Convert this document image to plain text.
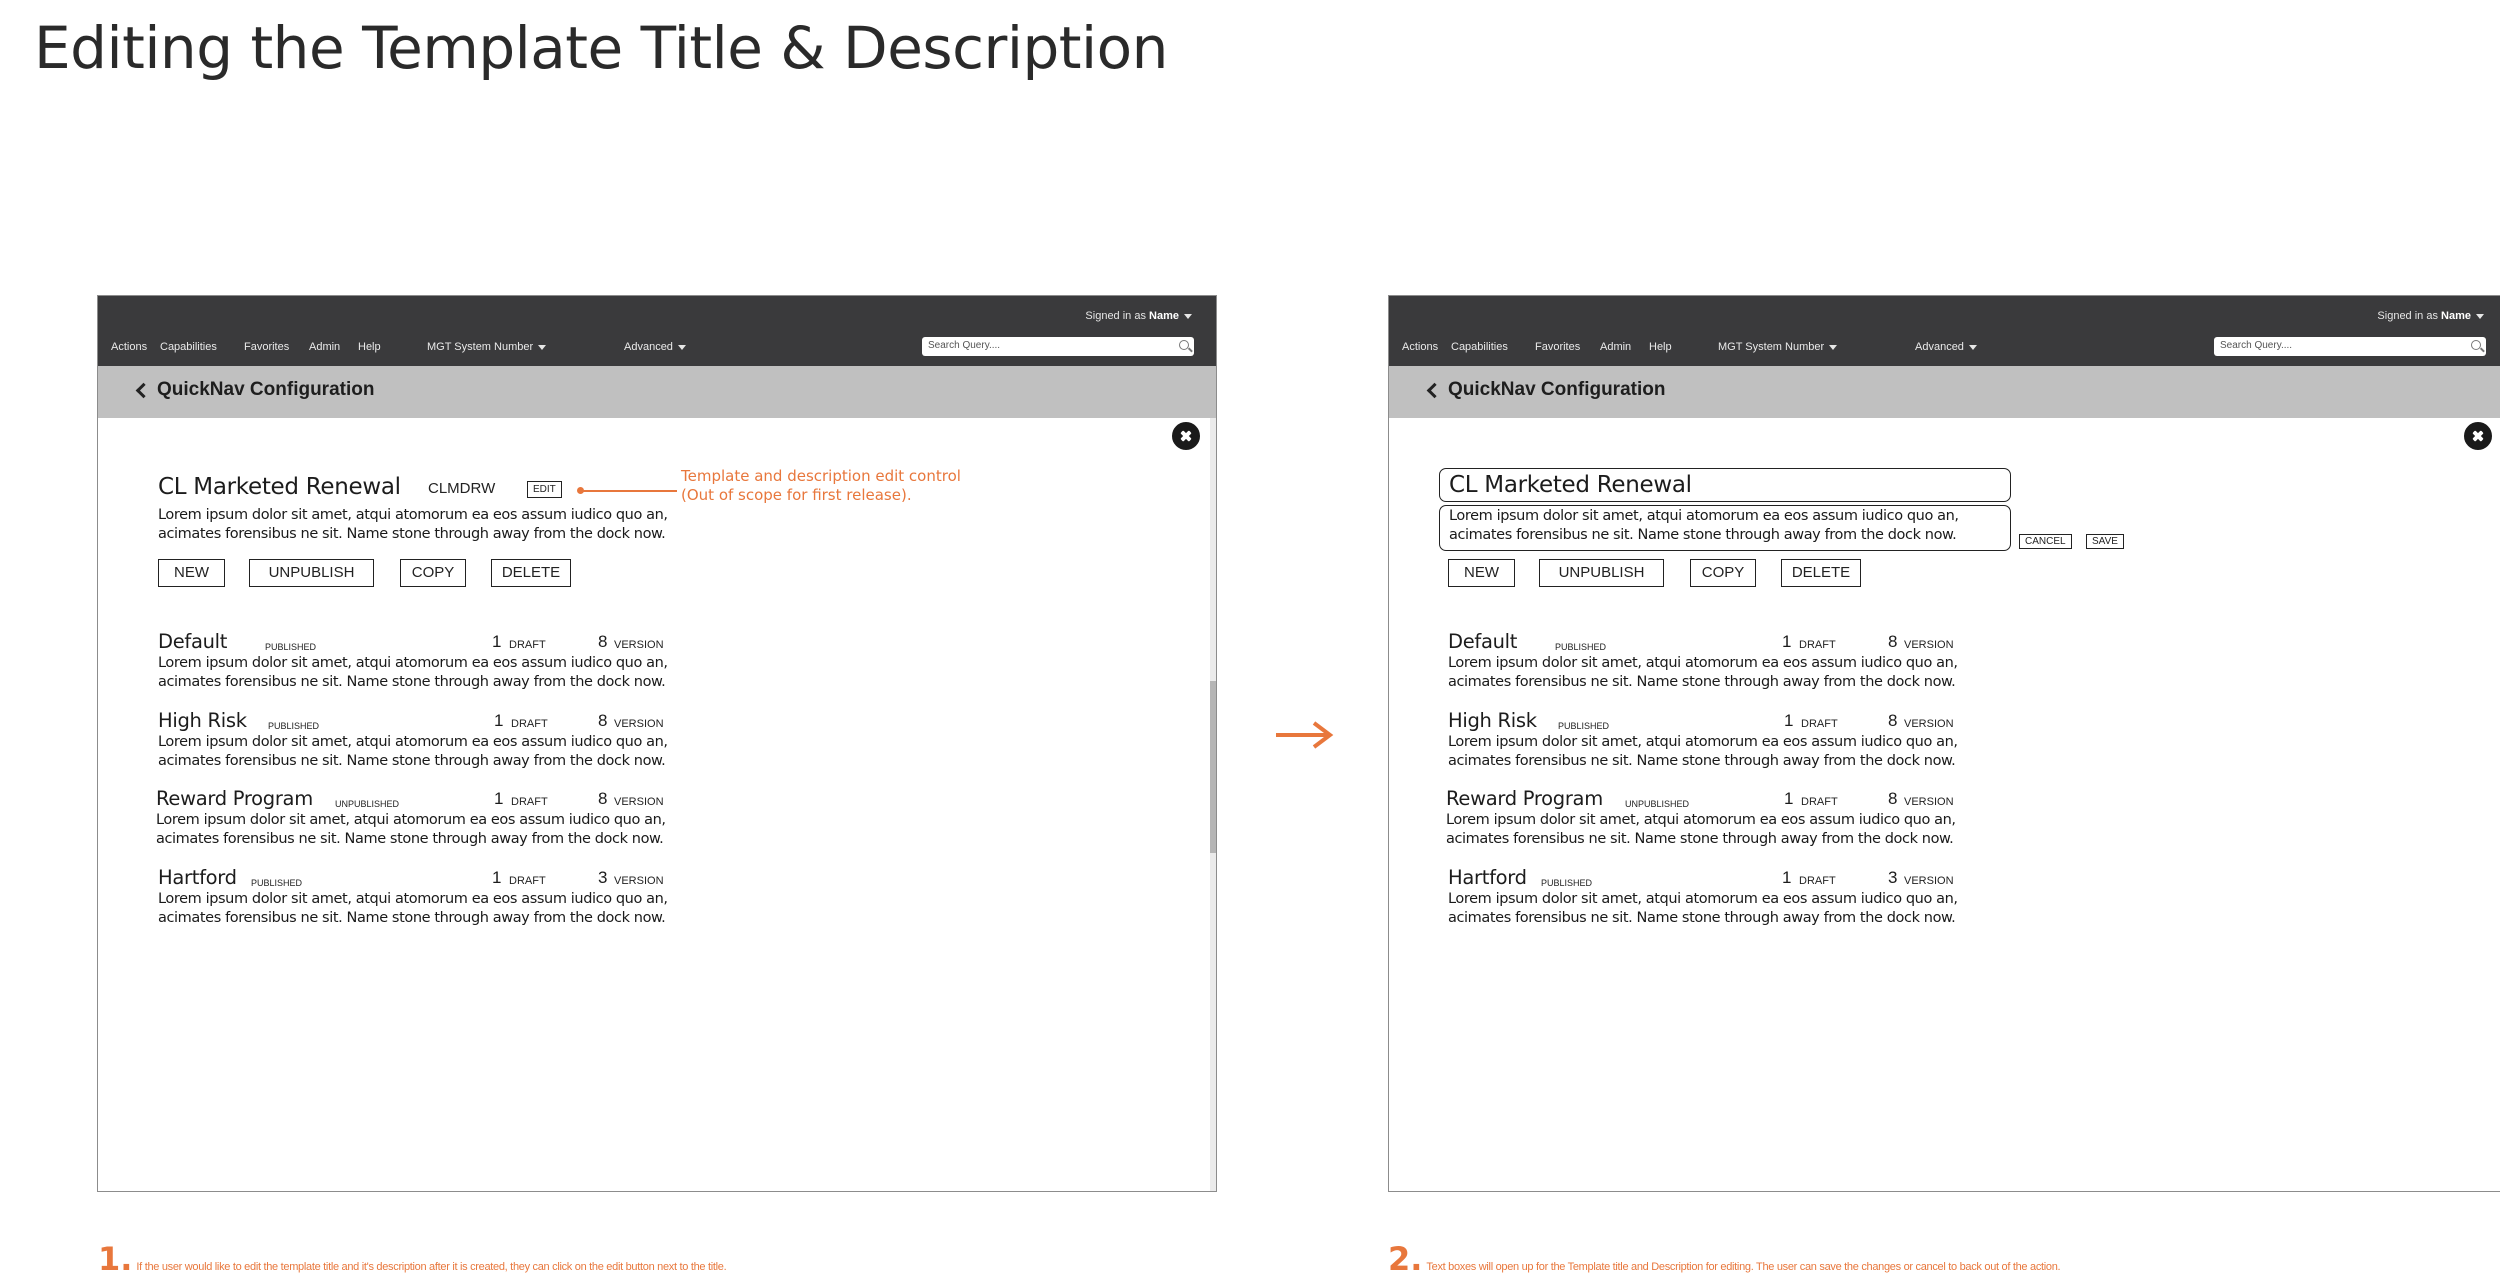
Editing the Template Title & Description
Signed in as Name
Actions Capabilities Favorites Admin Help	MGT System Number	Advanced	Search Query....
QuickNav Configuration
CL Marketed Renewal CLMDRW	EDIT
Template and description edit control
(Out of scope for first release).
Lorem ipsum dolor sit amet, atqui atomorum ea eos assum iudico quo an, acimates forensibus ne sit. Name stone through away from the dock now.
NEW	UNPUBLISH	COPY	DELETE
Default	PUBLISHED	1 DRAFT	8 VERSION
Lorem ipsum dolor sit amet, atqui atomorum ea eos assum iudico quo an, acimates forensibus ne sit. Name stone through away from the dock now.
High Risk PUBLISHED	1 DRAFT	8 VERSION
Lorem ipsum dolor sit amet, atqui atomorum ea eos assum iudico quo an, acimates forensibus ne sit. Name stone through away from the dock now.
Reward Program UNPUBLISHED	1 DRAFT	8 VERSION
Lorem ipsum dolor sit amet, atqui atomorum ea eos assum iudico quo an, acimates forensibus ne sit. Name stone through away from the dock now.
Hartford PUBLISHED	1 DRAFT	3 VERSION
Lorem ipsum dolor sit amet, atqui atomorum ea eos assum iudico quo an, acimates forensibus ne sit. Name stone through away from the dock now.
Signed in as Name
Actions Capabilities Favorites Admin Help	MGT System Number	Advanced	Search Query....
QuickNav Configuration
CL Marketed Renewal
Lorem ipsum dolor sit amet, atqui atomorum ea eos assum iudico quo an, acimates forensibus ne sit. Name stone through away from the dock now.	CANCEL	SAVE
NEW	UNPUBLISH	COPY	DELETE
Default	PUBLISHED	1 DRAFT	8 VERSION
Lorem ipsum dolor sit amet, atqui atomorum ea eos assum iudico quo an, acimates forensibus ne sit. Name stone through away from the dock now.
High Risk PUBLISHED	1 DRAFT	8 VERSION
Lorem ipsum dolor sit amet, atqui atomorum ea eos assum iudico quo an, acimates forensibus ne sit. Name stone through away from the dock now.
Reward Program UNPUBLISHED	1 DRAFT	8 VERSION
Lorem ipsum dolor sit amet, atqui atomorum ea eos assum iudico quo an, acimates forensibus ne sit. Name stone through away from the dock now.
Hartford PUBLISHED	1 DRAFT	3 VERSION
Lorem ipsum dolor sit amet, atqui atomorum ea eos assum iudico quo an, acimates forensibus ne sit. Name stone through away from the dock now.
1. If the user would like to edit the template title and it's description after it is created, they can click on the edit button next to the title.	2. Text boxes will open up for the Template title and Description for editing. The user can save the changes or cancel to back out of the action.
